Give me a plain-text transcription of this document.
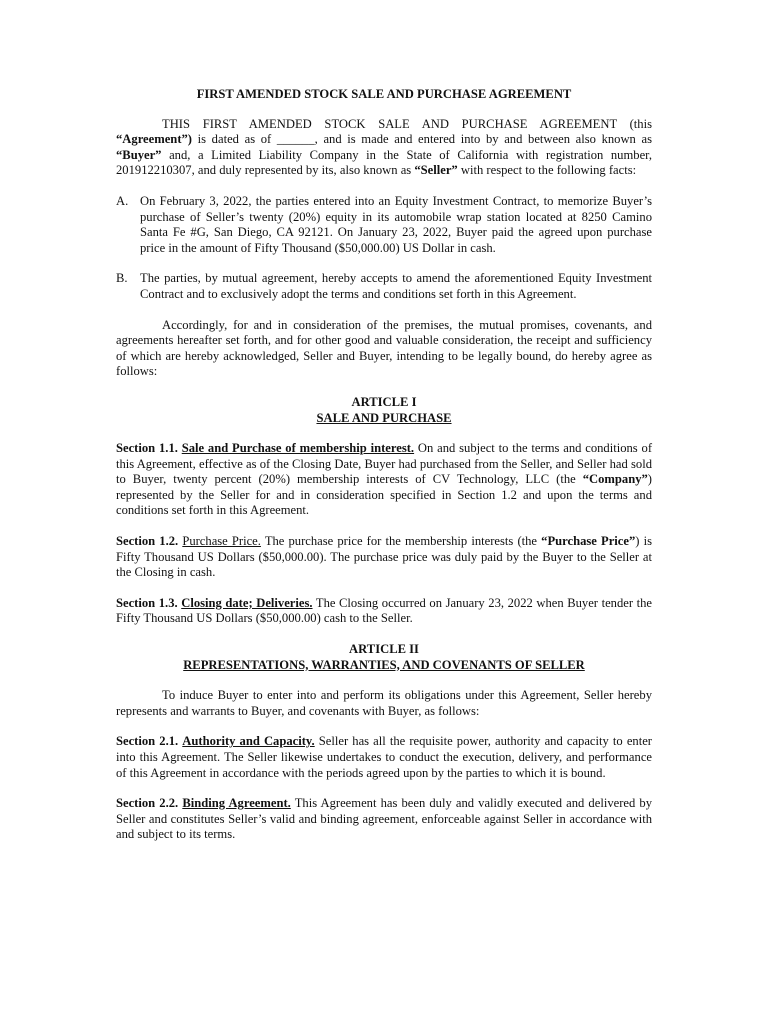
FIRST AMENDED STOCK SALE AND PURCHASE AGREEMENT

THIS FIRST AMENDED STOCK SALE AND PURCHASE AGREEMENT (this “Agreement”) is dated as of ______, and is made and entered into by and between also known as “Buyer” and, a Limited Liability Company in the State of California with registration number, 201912210307, and duly represented by its, also known as “Seller” with respect to the following facts:

A. On February 3, 2022, the parties entered into an Equity Investment Contract, to memorize Buyer’s purchase of Seller’s twenty (20%) equity in its automobile wrap station located at 8250 Camino Santa Fe #G, San Diego, CA 92121. On January 23, 2022, Buyer paid the agreed upon purchase price in the amount of Fifty Thousand ($50,000.00) US Dollar in cash.
B. The parties, by mutual agreement, hereby accepts to amend the aforementioned Equity Investment Contract and to exclusively adopt the terms and conditions set forth in this Agreement.

Accordingly, for and in consideration of the premises, the mutual promises, covenants, and agreements hereafter set forth, and for other good and valuable consideration, the receipt and sufficiency of which are hereby acknowledged, Seller and Buyer, intending to be legally bound, do hereby agree as follows:

ARTICLE I

SALE AND PURCHASE

Section 1.1. Sale and Purchase of membership interest. On and subject to the terms and conditions of this Agreement, effective as of the Closing Date, Buyer had purchased from the Seller, and Seller had sold to Buyer, twenty percent (20%) membership interests of CV Technology, LLC (the “Company”) represented by the Seller for and in consideration specified in Section 1.2 and upon the terms and conditions set forth in this Agreement.

Section 1.2. Purchase Price. The purchase price for the membership interests (the “Purchase Price”) is Fifty Thousand US Dollars ($50,000.00). The purchase price was duly paid by the Buyer to the Seller at the Closing in cash.

Section 1.3. Closing date; Deliveries. The Closing occurred on January 23, 2022 when Buyer tender the Fifty Thousand US Dollars ($50,000.00) cash to the Seller.

ARTICLE II

REPRESENTATIONS, WARRANTIES, AND COVENANTS OF SELLER

To induce Buyer to enter into and perform its obligations under this Agreement, Seller hereby represents and warrants to Buyer, and covenants with Buyer, as follows:

Section 2.1. Authority and Capacity. Seller has all the requisite power, authority and capacity to enter into this Agreement. The Seller likewise undertakes to conduct the execution, delivery, and performance of this Agreement in accordance with the periods agreed upon by the parties to which it is bound.

Section 2.2. Binding Agreement. This Agreement has been duly and validly executed and delivered by Seller and constitutes Seller’s valid and binding agreement, enforceable against Seller in accordance with and subject to its terms.
